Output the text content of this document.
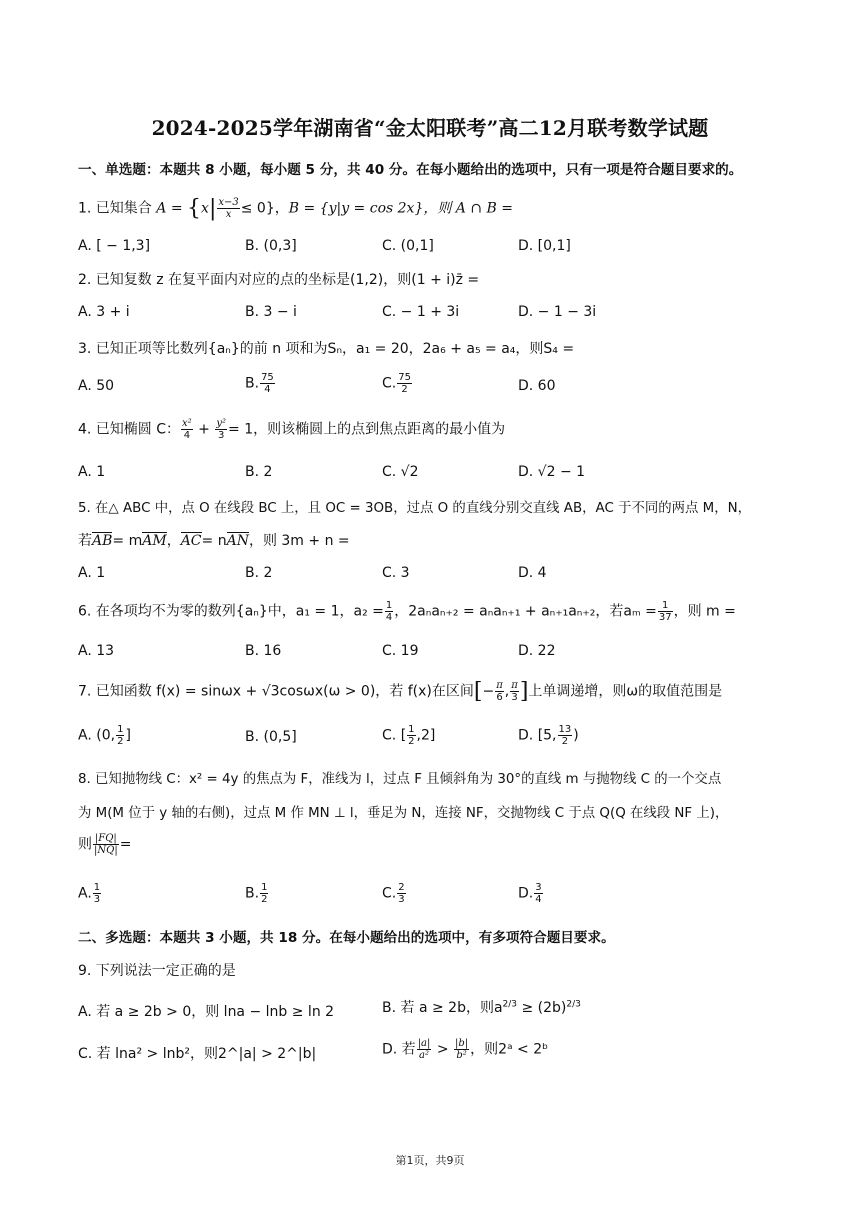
2024-2025学年湖南省“金太阳联考”高二12月联考数学试题
一、单选题：本题共 8 小题，每小题 5 分，共 40 分。在每小题给出的选项中，只有一项是符合题目要求的。
1. 已知集合 $A = \{x| \frac{x-3}{x} \le 0\}$，B = {y|y = cos 2x}，则 A ∩ B =
A. [ − 1,3]	B. (0,3]	C. (0,1]	D. [0,1]
2. 已知复数 z 在复平面内对应的点的坐标是(1,2)，则(1 + i)z̄ =
A. 3 + i	B. 3 − i	C. − 1 + 3i	D. − 1 − 3i
3. 已知正项等比数列{aₙ}的前 n 项和为Sₙ，a₁ = 20，2a₆ + a₅ = a₄，则S₄ =
A. 50	B. $\frac{75}{4}$	C. $\frac{75}{2}$	D. 60
4. 已知椭圆 C： $\frac{\text{x²}}{4} + \frac{\text{y²}}{3} = 1$，则该椭圆上的点到焦点距离的最小值为
A. 1	B. 2	C. √2	D. √2 − 1
5. 在△ ABC 中，点 O 在线段 BC 上，且 OC = 3OB，过点 O 的直线分别交直线 AB，AC 于不同的两点 M，N，
若AB= mAM，AC= nAN，则 3m + n =
A. 1	B. 2	C. 3	D. 4
6. 在各项均不为零的数列{aₙ}中，a₁ = 1，$a_2 = \frac{1}{4}$ ，2aₙaₙ₊₂ = aₙaₙ₊₁ + aₙ₊₁aₙ₊₂，若$a_m = \frac{1}{37}$ ，则 m =
A. 13	B. 16	C. 19	D. 22
7. 已知函数 f(x) = sinωx + √3cosωx(ω > 0)，若 f(x)在区间[− $\frac{\pi}{6}$ , $\frac{\pi}{3}$ ]上单调递增，则ω的取值范围是
A. (0, $\frac{1}{2}$ ]	B. (0,5]	C. [ $\frac{1}{2} ,2$]	D. [5, $\frac{13}{2}$ )
8. 已知抛物线 C：x² = 4y 的焦点为 F，准线为 l，过点 F 且倾斜角为 30°的直线 m 与抛物线 C 的一个交点
为 M(M 位于 y 轴的右侧)，过点 M 作 MN ⊥ l，垂足为 N，连接 NF，交抛物线 C 于点 Q(Q 在线段 NF 上)，
则 $\frac{|FQ|}{|NQ|}$ =
A. $\frac{1}{3}$	B. $\frac{1}{2}$	C. $\frac{2}{3}$	D. $\frac{3}{4}$
二、多选题：本题共 3 小题，共 18 分。在每小题给出的选项中，有多项符合题目要求。
9. 下列说法一定正确的是
A. 若 a ≥ 2b > 0，则 lna − lnb ≥ ln 2	B. 若 a ≥ 2b，则$a^{2/3} \ge (2b)^{2/3}$
C. 若 lna² > lnb²，则2^|a| > 2^|b|	D. 若 $\frac{|a|}{\text{a²}} > \frac{|b|}{\text{b²}}$ ，则2ᵃ < 2ᵇ
第1页，共9页
